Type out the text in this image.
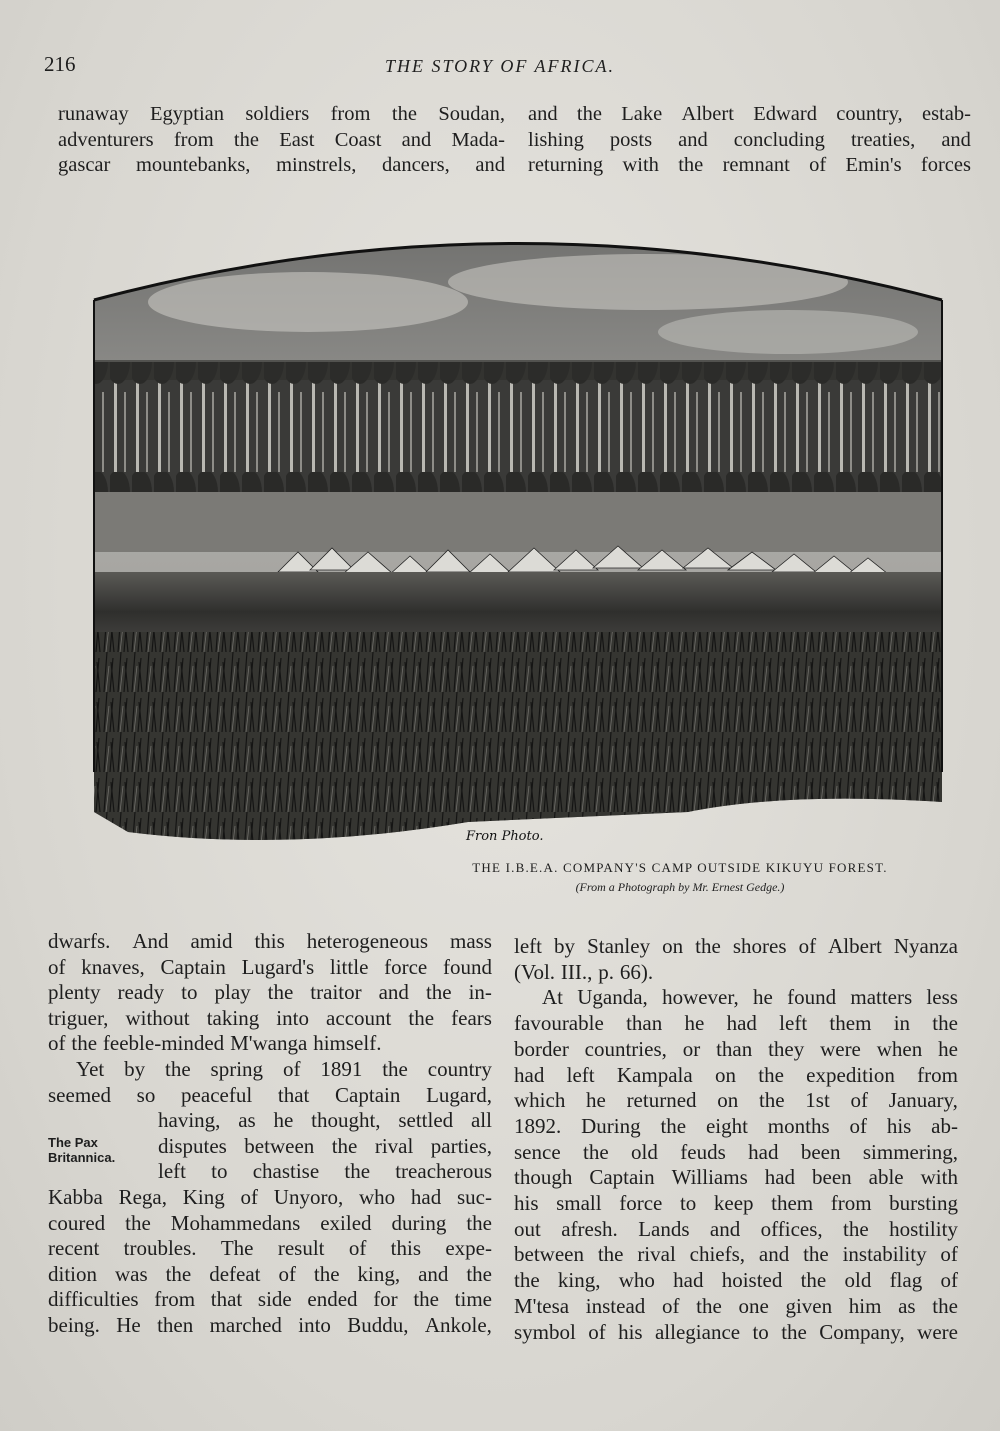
216	THE STORY OF AFRICA.
runaway Egyptian soldiers from the Soudan,
adventurers from the East Coast and Mada-
gascar mountebanks, minstrels, dancers, and
and the Lake Albert Edward country, estab-
lishing posts and concluding treaties, and
returning with the remnant of Emin's forces
Fron Photo.
THE I.B.E.A. COMPANY'S CAMP OUTSIDE KIKUYU FOREST.
(From a Photograph by Mr. Ernest Gedge.)
dwarfs. And amid this heterogeneous mass
of knaves, Captain Lugard's little force found
plenty ready to play the traitor and the in-
triguer, without taking into account the fears
of the feeble-minded M'wanga himself.
Yet by the spring of 1891 the country
seemed so peaceful that Captain Lugard,
having, as he thought, settled all
disputes between the rival parties,
left to chastise the treacherous
Kabba Rega, King of Unyoro, who had suc-
coured the Mohammedans exiled during the
recent troubles. The result of this expe-
dition was the defeat of the king, and the
difficulties from that side ended for the time
being. He then marched into Buddu, Ankole,
The Pax
Britannica.
left by Stanley on the shores of Albert Nyanza
(Vol. III., p. 66).
At Uganda, however, he found matters less
favourable than he had left them in the
border countries, or than they were when he
had left Kampala on the expedition from
which he returned on the 1st of January,
1892. During the eight months of his ab-
sence the old feuds had been simmering,
though Captain Williams had been able with
his small force to keep them from bursting
out afresh. Lands and offices, the hostility
between the rival chiefs, and the instability of
the king, who had hoisted the old flag of
M'tesa instead of the one given him as the
symbol of his allegiance to the Company, were
